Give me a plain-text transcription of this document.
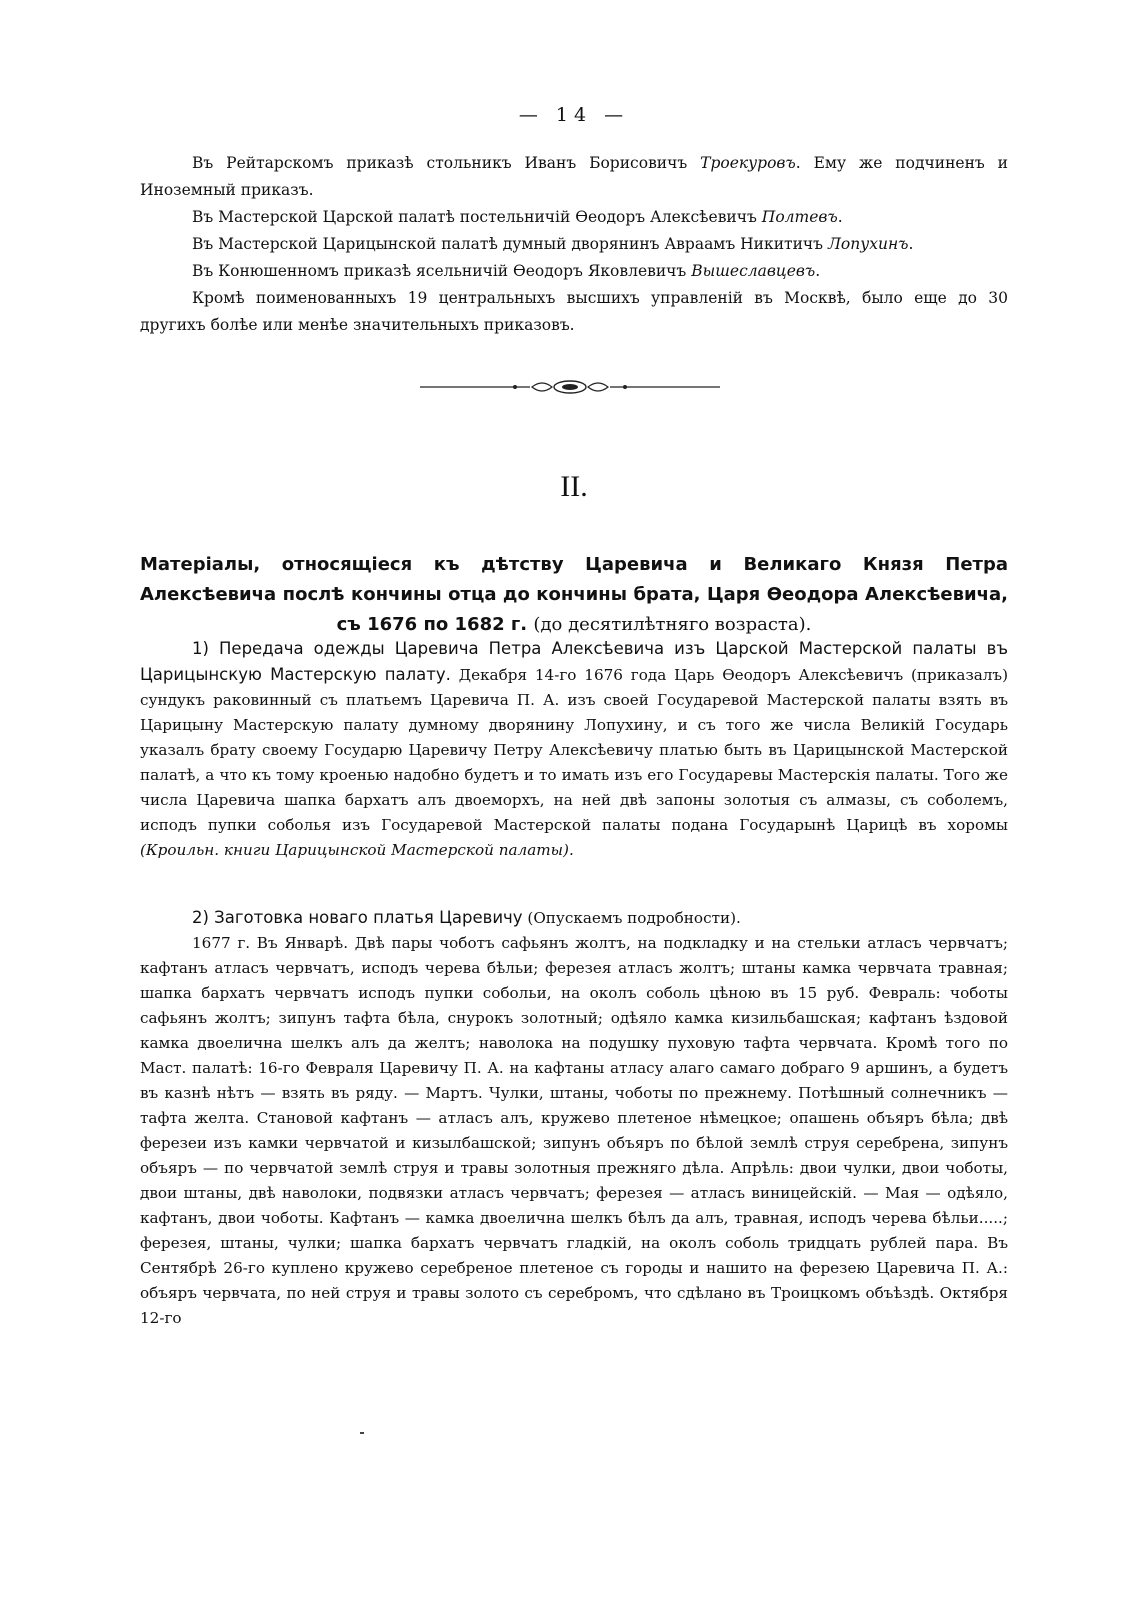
— 14 —

Въ Рейтарскомъ приказѣ стольникъ Иванъ Борисовичъ Троекуровъ. Ему же подчиненъ и Иноземный приказъ.

Въ Мастерской Царской палатѣ постельничій Ѳеодоръ Алексѣевичъ Полтевъ.

Въ Мастерской Царицынской палатѣ думный дворянинъ Авраамъ Никитичъ Лопухинъ.

Въ Конюшенномъ приказѣ ясельничій Ѳеодоръ Яковлевичъ Вышеславцевъ.

Кромѣ поименованныхъ 19 центральныхъ высшихъ управленій въ Москвѣ, было еще до 30 другихъ болѣе или менѣе значительныхъ приказовъ.

II.
Матеріалы, относящіеся къ дѣтству Царевича и Великаго Князя Петра Алексѣевича послѣ кончины отца до кончины брата, Царя Ѳеодора Алексѣевича, съ 1676 по 1682 г. (до десятилѣтняго возраста).

1) Передача одежды Царевича Петра Алексѣевича изъ Царской Мастерской палаты въ Царицынскую Мастерскую палату. Декабря 14-го 1676 года Царь Ѳеодоръ Алексѣевичъ (приказалъ) сундукъ раковинный съ платьемъ Царевича П. А. изъ своей Государевой Мастерской палаты взять въ Царицыну Мастерскую палату думному дворянину Лопухину, и съ того же числа Великій Государь указалъ брату своему Государю Царевичу Петру Алексѣевичу платью быть въ Царицынской Мастерской палатѣ, а что къ тому кроенью надобно будетъ и то имать изъ его Государевы Мастерскія палаты. Того же числа Царевича шапка бархатъ алъ двоеморхъ, на ней двѣ запоны золотыя съ алмазы, съ соболемъ, исподъ пупки соболья изъ Государевой Мастерской палаты подана Государынѣ Царицѣ въ хоромы (Кроильн. книги Царицынской Мастерской палаты).

2) Заготовка новаго платья Царевичу (Опускаемъ подробности).

1677 г. Въ Январѣ. Двѣ пары чоботъ сафьянъ жолтъ, на подкладку и на стельки атласъ червчатъ; кафтанъ атласъ червчатъ, исподъ черева бѣльи; ферезея атласъ жолтъ; штаны камка червчата травная; шапка бархатъ червчатъ исподъ пупки собольи, на околъ соболь цѣною въ 15 руб. Февраль: чоботы сафьянъ жолтъ; зипунъ тафта бѣла, снурокъ золотный; одѣяло камка кизильбашская; кафтанъ ѣздовой камка двоелична шелкъ алъ да желтъ; наволока на подушку пуховую тафта червчата. Кромѣ того по Маст. палатѣ: 16-го Февраля Царевичу П. А. на кафтаны атласу алаго самаго добраго 9 аршинъ, а будетъ въ казнѣ нѣтъ — взять въ ряду. — Мартъ. Чулки, штаны, чоботы по прежнему. Потѣшный солнечникъ — тафта желта. Становой кафтанъ — атласъ алъ, кружево плетеное нѣмецкое; опашень объяръ бѣла; двѣ ферезеи изъ камки червчатой и кизылбашской; зипунъ объяръ по бѣлой землѣ струя серебрена, зипунъ объяръ — по червчатой землѣ струя и травы золотныя прежняго дѣла. Апрѣль: двои чулки, двои чоботы, двои штаны, двѣ наволоки, подвязки атласъ червчатъ; ферезея — атласъ виницейскій. — Мая — одѣяло, кафтанъ, двои чоботы. Кафтанъ — камка двоелична шелкъ бѣлъ да алъ, травная, исподъ черева бѣльи.....; ферезея, штаны, чулки; шапка бархатъ червчатъ гладкій, на околъ соболь тридцать рублей пара. Въ Сентябрѣ 26-го куплено кружево серебреное плетеное съ городы и нашито на ферезею Царевича П. А.: объяръ червчата, по ней струя и травы золото съ серебромъ, что сдѣлано въ Троицкомъ объѣздѣ. Октября 12-го
